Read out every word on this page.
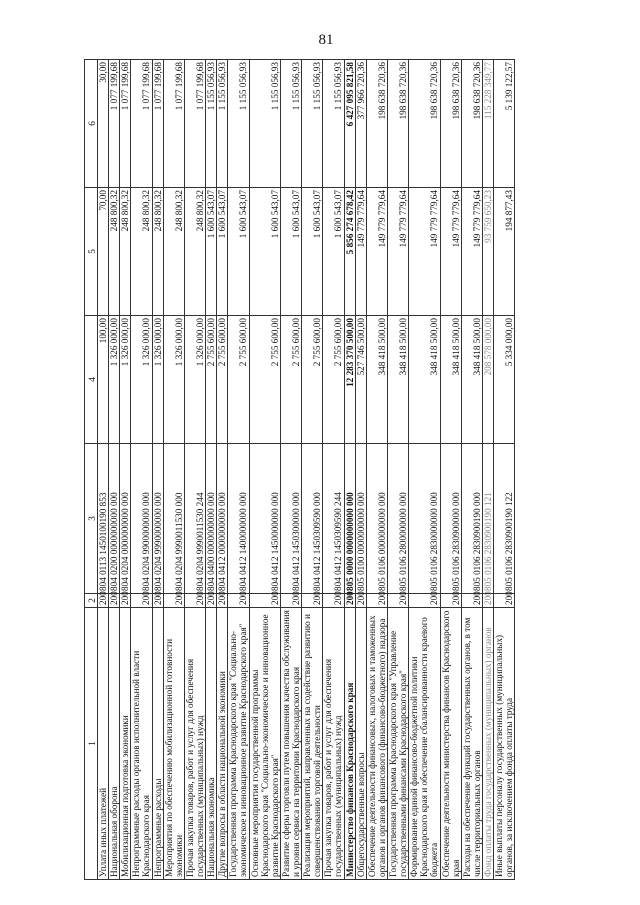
81
1	2	3	4	5	6
Уплата иных платежей	200	804 0113 1450100190 853	100,00	70,00	30,00
Национальная оборона	200	804 0200 0000000000 000	1 326 000,00	248 800,32	1 077 199,68
Мобилизационная подготовка экономики	200	804 0204 0000000000 000	1 326 000,00	248 800,32	1 077 199,68
Непрограммные расходы органов исполнительной власти Краснодарского края	200	804 0204 9900000000 000	1 326 000,00	248 800,32	1 077 199,68
Непрограммные расходы	200	804 0204 9990000000 000	1 326 000,00	248 800,32	1 077 199,68
Мероприятия по обеспечению мобилизационной готовности экономики	200	804 0204 9990011530 000	1 326 000,00	248 800,32	1 077 199,68
Прочая закупка товаров, работ и услуг для обеспечения государственных (муниципальных) нужд	200	804 0204 9990011530 244	1 326 000,00	248 800,32	1 077 199,68
Национальная экономика	200	804 0400 0000000000 000	2 755 600,00	1 600 543,07	1 155 056,93
Другие вопросы в области национальной экономики	200	804 0412 0000000000 000	2 755 600,00	1 600 543,07	1 155 056,93
Государственная программа Краснодарского края "Социально-экономическое и инновационное развитие Краснодарского края"	200	804 0412 1400000000 000	2 755 600,00	1 600 543,07	1 155 056,93
Основные мероприятия государственной программы Краснодарского края "Социально-экономическое и инновационное развитие Краснодарского края"	200	804 0412 1450000000 000	2 755 600,00	1 600 543,07	1 155 056,93
Развитие сферы торговли путем повышения качества обслуживания и уровня сервиса на территории Краснодарского края	200	804 0412 1450300000 000	2 755 600,00	1 600 543,07	1 155 056,93
Реализация мероприятий, направленных на содействие развитию и совершенствованию торговой деятельности	200	804 0412 1450309590 000	2 755 600,00	1 600 543,07	1 155 056,93
Прочая закупка товаров, работ и услуг для обеспечения государственных (муниципальных) нужд	200	804 0412 1450309590 244	2 755 600,00	1 600 543,07	1 155 056,93
Министерство финансов Краснодарского края	200	805 0000 0000000000 000	12 283 370 500,00	5 856 274 678,42	6 427 095 821,58
Общегосударственные вопросы	200	805 0100 0000000000 000	527 746 500,00	149 779 779,64	377 966 720,36
Обеспечение деятельности финансовых, налоговых и таможенных органов и органов финансового (финансово-бюджетного) надзора	200	805 0106 0000000000 000	348 418 500,00	149 779 779,64	198 638 720,36
Государственная программа Краснодарского края "Управление государственными финансами Краснодарского края"	200	805 0106 2800000000 000	348 418 500,00	149 779 779,64	198 638 720,36
Формирование единой финансово-бюджетной политики Краснодарского края и обеспечение сбалансированности краевого бюджета	200	805 0106 2830000000 000	348 418 500,00	149 779 779,64	198 638 720,36
Обеспечение деятельности министерства финансов Краснодарского края	200	805 0106 2830900000 000	348 418 500,00	149 779 779,64	198 638 720,36
Расходы на обеспечение функций государственных органов, в том числе территориальных органов	200	805 0106 2830900190 000	348 418 500,00	149 779 779,64	198 638 720,36
Фонд оплаты труда государственных (муниципальных) органов	200	805 0106 2830900190 121	208 578 000,00	93 759 650,23	115 228 349,77
Иные выплаты персоналу государственных (муниципальных) органов, за исключением фонда оплаты труда	200	805 0106 2830900190 122	5 334 000,00	194 877,43	5 139 122,57
